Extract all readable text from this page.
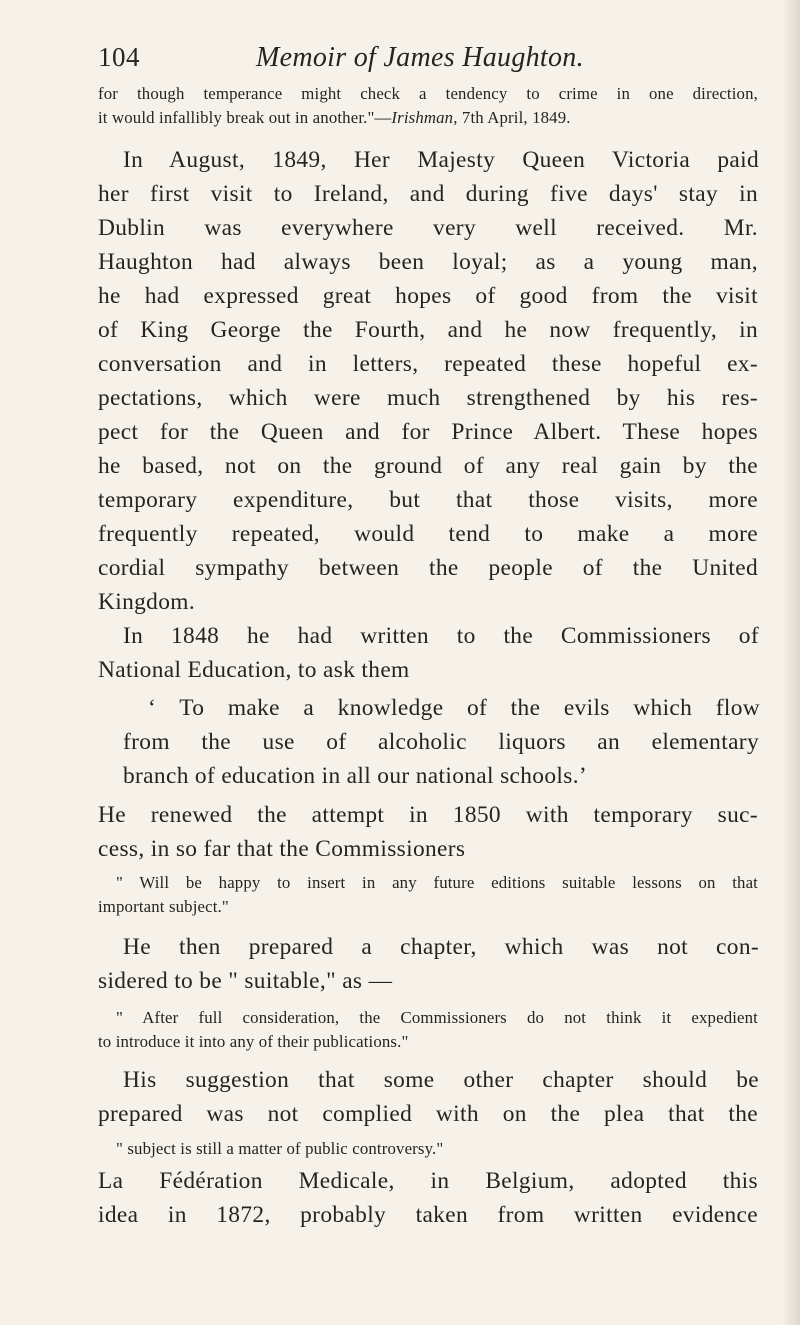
104	Memoir of James Haughton.
for though temperance might check a tendency to crime in one direction,
it would infallibly break out in another."—Irishman, 7th April, 1849.
In August, 1849, Her Majesty Queen Victoria paid
her first visit to Ireland, and during five days' stay in
Dublin was everywhere very well received. Mr.
Haughton had always been loyal; as a young man,
he had expressed great hopes of good from the visit
of King George the Fourth, and he now frequently, in
conversation and in letters, repeated these hopeful ex-
pectations, which were much strengthened by his res-
pect for the Queen and for Prince Albert. These hopes
he based, not on the ground of any real gain by the
temporary expenditure, but that those visits, more
frequently repeated, would tend to make a more
cordial sympathy between the people of the United
Kingdom.
In 1848 he had written to the Commissioners of
National Education, to ask them
‘ To make a knowledge of the evils which flow
from the use of alcoholic liquors an elementary
branch of education in all our national schools.’
He renewed the attempt in 1850 with temporary suc-
cess, in so far that the Commissioners
" Will be happy to insert in any future editions suitable lessons on that
important subject."
He then prepared a chapter, which was not con-
sidered to be " suitable," as —
" After full consideration, the Commissioners do not think it expedient
to introduce it into any of their publications."
His suggestion that some other chapter should be
prepared was not complied with on the plea that the
" subject is still a matter of public controversy."
La Fédération Medicale, in Belgium, adopted this
idea in 1872, probably taken from written evidence
